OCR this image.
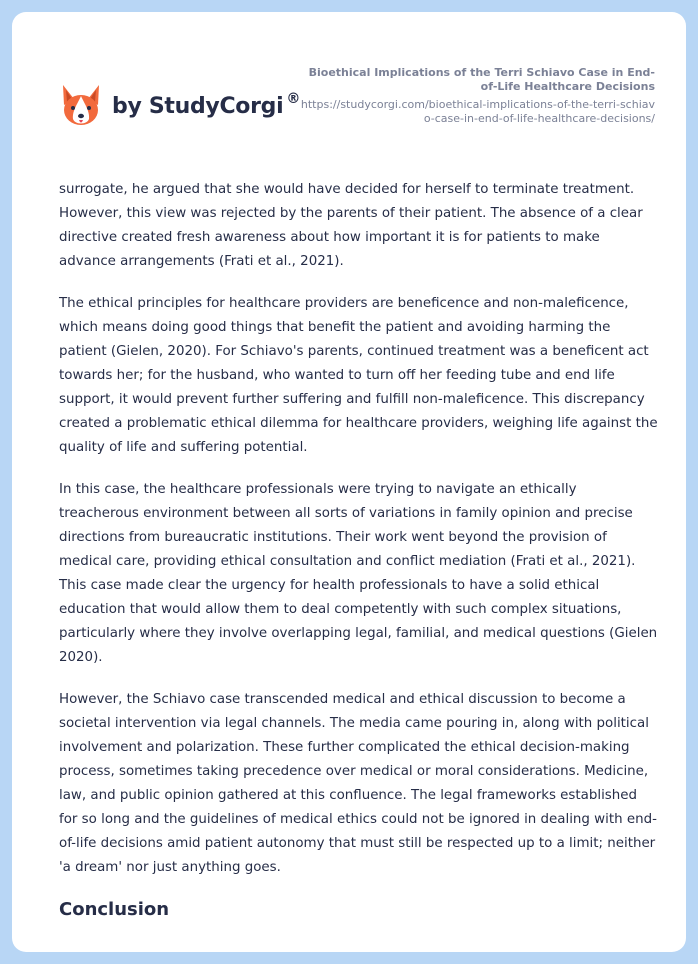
by StudyCorgi ®
Bioethical Implications of the Terri Schiavo Case in End-of-Life Healthcare Decisions
https://studycorgi.com/bioethical-implications-of-the-terri-schiavo-case-in-end-of-life-healthcare-decisions/

surrogate, he argued that she would have decided for herself to terminate treatment. However, this view was rejected by the parents of their patient. The absence of a clear directive created fresh awareness about how important it is for patients to make advance arrangements (Frati et al., 2021).

The ethical principles for healthcare providers are beneficence and non-maleficence, which means doing good things that benefit the patient and avoiding harming the patient (Gielen, 2020). For Schiavo's parents, continued treatment was a beneficent act towards her; for the husband, who wanted to turn off her feeding tube and end life support, it would prevent further suffering and fulfill non-maleficence. This discrepancy created a problematic ethical dilemma for healthcare providers, weighing life against the quality of life and suffering potential.

In this case, the healthcare professionals were trying to navigate an ethically treacherous environment between all sorts of variations in family opinion and precise directions from bureaucratic institutions. Their work went beyond the provision of medical care, providing ethical consultation and conflict mediation (Frati et al., 2021). This case made clear the urgency for health professionals to have a solid ethical education that would allow them to deal competently with such complex situations, particularly where they involve overlapping legal, familial, and medical questions (Gielen 2020).

However, the Schiavo case transcended medical and ethical discussion to become a societal intervention via legal channels. The media came pouring in, along with political involvement and polarization. These further complicated the ethical decision-making process, sometimes taking precedence over medical or moral considerations. Medicine, law, and public opinion gathered at this confluence. The legal frameworks established for so long and the guidelines of medical ethics could not be ignored in dealing with end-of-life decisions amid patient autonomy that must still be respected up to a limit; neither 'a dream' nor just anything goes.

Conclusion
